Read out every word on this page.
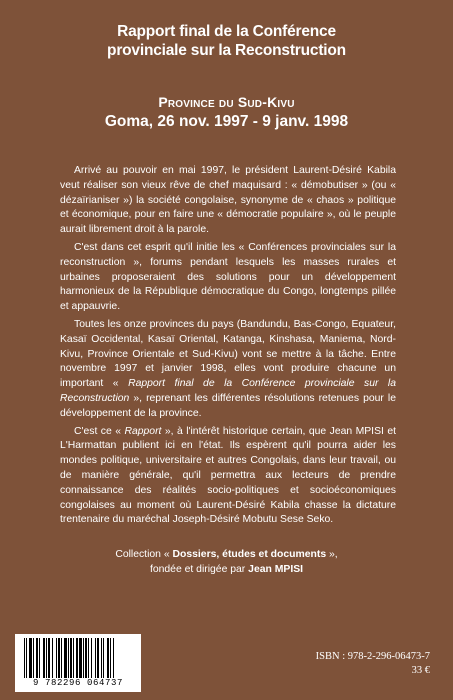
Rapport final de la Conférence
provinciale sur la Reconstruction
Province du Sud-Kivu
Goma, 26 nov. 1997 - 9 janv. 1998

Arrivé au pouvoir en mai 1997, le président Laurent-Désiré Kabila veut réaliser son vieux rêve de chef maquisard : « démobutiser » (ou « dézaïrianiser ») la société congolaise, synonyme de « chaos » politique et économique, pour en faire une « démocratie populaire », où le peuple aurait librement droit à la parole.

C'est dans cet esprit qu'il initie les « Conférences provinciales sur la reconstruction », forums pendant lesquels les masses rurales et urbaines proposeraient des solutions pour un développement harmonieux de la République démocratique du Congo, longtemps pillée et appauvrie.

Toutes les onze provinces du pays (Bandundu, Bas-Congo, Equateur, Kasaï Occidental, Kasaï Oriental, Katanga, Kinshasa, Maniema, Nord-Kivu, Province Orientale et Sud-Kivu) vont se mettre à la tâche. Entre novembre 1997 et janvier 1998, elles vont produire chacune un important « Rapport final de la Conférence provinciale sur la Reconstruction », reprenant les différentes résolutions retenues pour le développement de la province.

C'est ce « Rapport », à l'intérêt historique certain, que Jean MPISI et L'Harmattan publient ici en l'état. Ils espèrent qu'il pourra aider les mondes politique, universitaire et autres Congolais, dans leur travail, ou de manière générale, qu'il permettra aux lecteurs de prendre connaissance des réalités socio-politiques et socioéconomiques congolaises au moment où Laurent-Désiré Kabila chasse la dictature trentenaire du maréchal Joseph-Désiré Mobutu Sese Seko.

Collection « Dossiers, études et documents »,
fondée et dirigée par Jean MPISI
9 782296 064737
ISBN : 978-2-296-06473-7
33 €
